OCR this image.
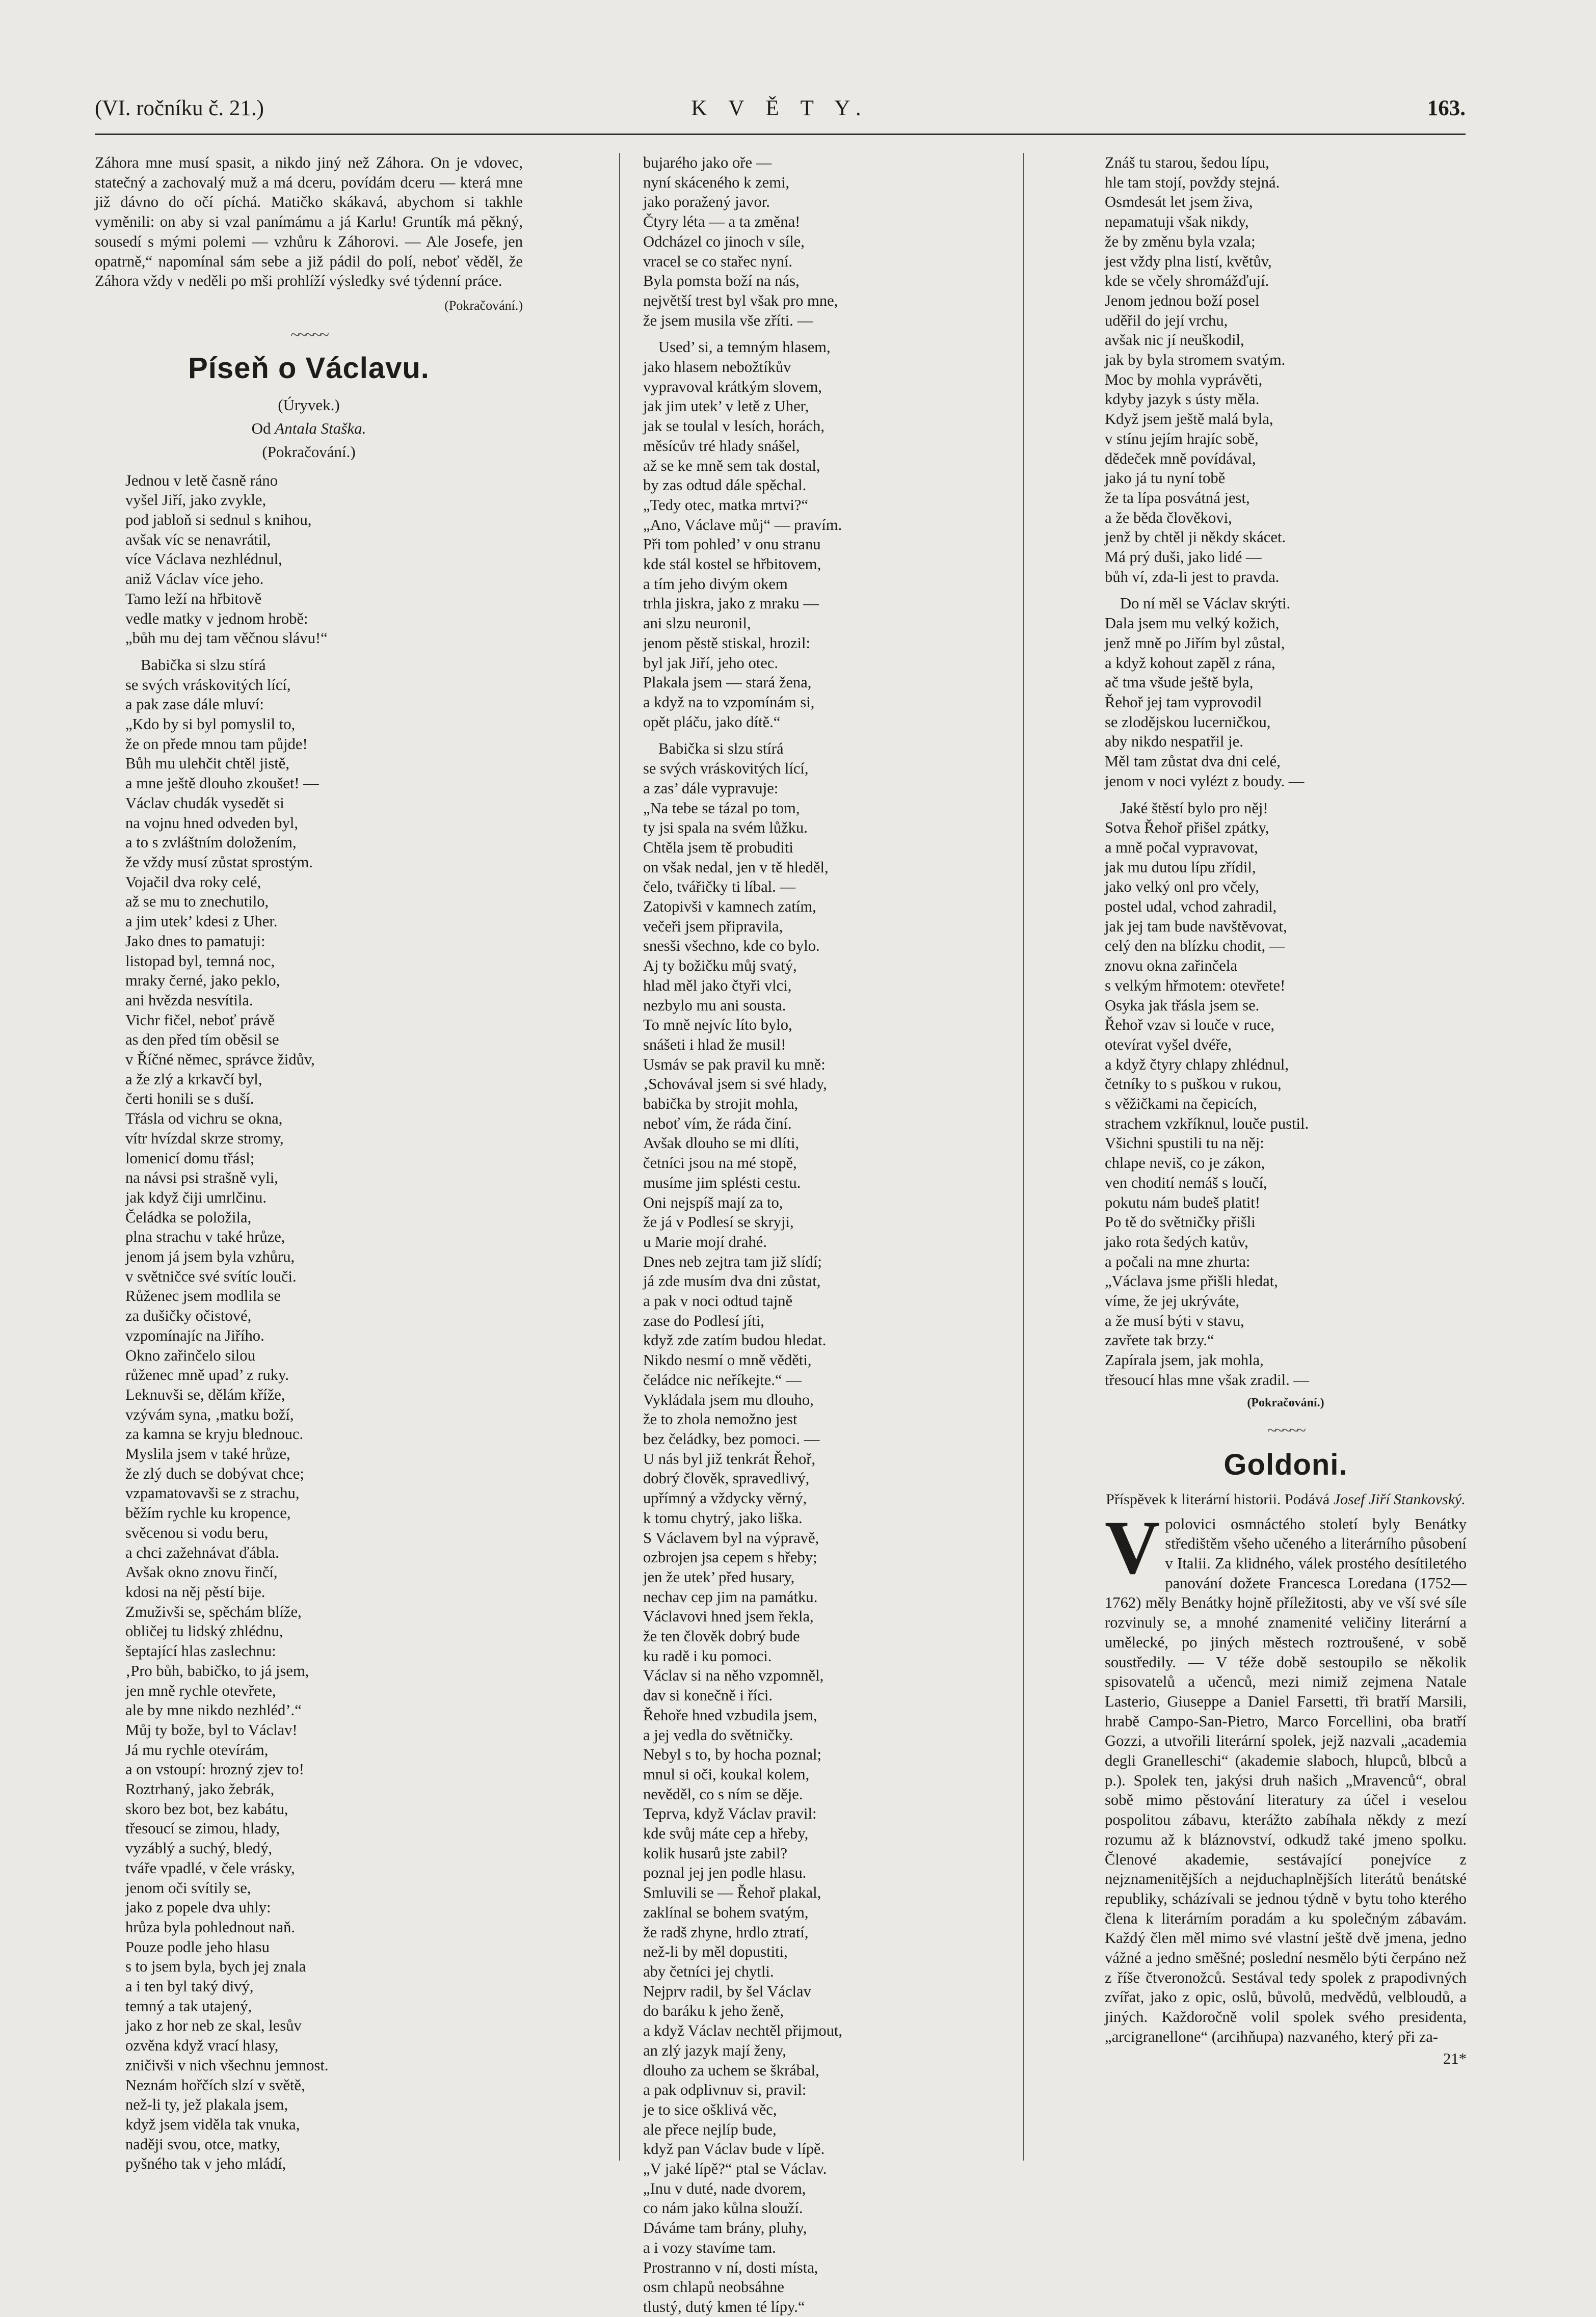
(VI. ročníku č. 21.)	K V Ě T Y.	163.

Záhora mne musí spasit, a nikdo jiný než Záhora. On je vdovec, statečný a zachovalý muž a má dceru, povídám dceru — která mne již dávno do očí píchá. Matičko skákavá, abychom si takhle vyměnili: on aby si vzal panímámu a já Karlu! Gruntík má pěkný, sousedí s mými polemi — vzhůru k Záhorovi. — Ale Josefe, jen opatrně,“ napomínal sám sebe a již pádil do polí, neboť věděl, že Záhora vždy v neděli po mši prohlíží výsledky své týdenní práce.

(Pokračování.)
~~~~~
Píseň o Václavu.
(Úryvek.)
Od Antala Staška.
(Pokračování.)
Jednou v letě časně ráno
vyšel Jiří, jako zvykle,
pod jabloň si sednul s knihou,
avšak víc se nenavrátil,
více Václava nezhlédnul,
aniž Václav více jeho.
Tamo leží na hřbitově
vedle matky v jednom hrobě:
„bůh mu dej tam věčnou slávu!“
Babička si slzu stírá
se svých vráskovitých lící,
a pak zase dále mluví:
„Kdo by si byl pomyslil to,
že on přede mnou tam půjde!
Bůh mu ulehčit chtěl jistě,
a mne ještě dlouho zkoušet! —
Václav chudák vysedět si
na vojnu hned odveden byl,
a to s zvláštním doložením,
že vždy musí zůstat sprostým.
Vojačil dva roky celé,
až se mu to znechutilo,
a jim utek’ kdesi z Uher.
Jako dnes to pamatuji:
listopad byl, temná noc,
mraky černé, jako peklo,
ani hvězda nesvítila.
Vichr fičel, neboť právě
as den před tím oběsil se
v Říčné němec, správce židův,
a že zlý a krkavčí byl,
čerti honili se s duší.
Třásla od vichru se okna,
vítr hvízdal skrze stromy,
lomenicí domu třásl;
na návsi psi strašně vyli,
jak když čiji umrlčinu.
Čeládka se položila,
plna strachu v také hrůze,
jenom já jsem byla vzhůru,
v světničce své svítíc louči.
Růženec jsem modlila se
za dušičky očistové,
vzpomínajíc na Jiřího.
Okno zařinčelo silou
růženec mně upad’ z ruky.
Leknuvši se, dělám kříže,
vzývám syna, ‚matku boží,
za kamna se kryju blednouc.
Myslila jsem v také hrůze,
že zlý duch se dobývat chce;
vzpamatovavši se z strachu,
běžím rychle ku kropence,
svěcenou si vodu beru,
a chci zažehnávat ďábla.
Avšak okno znovu řinčí,
kdosi na něj pěstí bije.
Zmuživši se, spěchám blíže,
obličej tu lidský zhlédnu,
šeptající hlas zaslechnu:
‚Pro bůh, babičko, to já jsem,
jen mně rychle otevřete,
ale by mne nikdo nezhléd’.“
Můj ty bože, byl to Václav!
Já mu rychle otevírám,
a on vstoupí: hrozný zjev to!
Roztrhaný, jako žebrák,
skoro bez bot, bez kabátu,
třesoucí se zimou, hlady,
vyzáblý a suchý, bledý,
tváře vpadlé, v čele vrásky,
jenom oči svítily se,
jako z popele dva uhly:
hrůza byla pohlednout naň.
Pouze podle jeho hlasu
s to jsem byla, bych jej znala
a i ten byl taký divý,
temný a tak utajený,
jako z hor neb ze skal, lesův
ozvěna když vrací hlasy,
zničivši v nich všechnu jemnost.
Neznám hořčích slzí v světě,
než-li ty, jež plakala jsem,
když jsem viděla tak vnuka,
naději svou, otce, matky,
pyšného tak v jeho mládí,
bujarého jako oře —
nyní skáceného k zemi,
jako poražený javor.
Čtyry léta — a ta změna!
Odcházel co jinoch v síle,
vracel se co stařec nyní.
Byla pomsta boží na nás,
největší trest byl však pro mne,
že jsem musila vše zříti. —
Used’ si, a temným hlasem,
jako hlasem nebožtíkův
vypravoval krátkým slovem,
jak jim utek’ v letě z Uher,
jak se toulal v lesích, horách,
měsícův tré hlady snášel,
až se ke mně sem tak dostal,
by zas odtud dále spěchal.
„Tedy otec, matka mrtvi?“
„Ano, Václave můj“ — pravím.
Při tom pohled’ v onu stranu
kde stál kostel se hřbitovem,
a tím jeho divým okem
trhla jiskra, jako z mraku —
ani slzu neuronil,
jenom pěstě stiskal, hrozil:
byl jak Jiří, jeho otec.
Plakala jsem — stará žena,
a když na to vzpomínám si,
opět pláču, jako dítě.“
Babička si slzu stírá
se svých vráskovitých lící,
a zas’ dále vypravuje:
„Na tebe se tázal po tom,
ty jsi spala na svém lůžku.
Chtěla jsem tě probuditi
on však nedal, jen v tě hleděl,
čelo, tvářičky ti líbal. —
Zatopivši v kamnech zatím,
večeři jsem připravila,
snesši všechno, kde co bylo.
Aj ty božičku můj svatý,
hlad měl jako čtyři vlci,
nezbylo mu ani sousta.
To mně nejvíc líto bylo,
snášeti i hlad že musil!
Usmáv se pak pravil ku mně:
‚Schovával jsem si své hlady,
babička by strojit mohla,
neboť vím, že ráda činí.
Avšak dlouho se mi dlíti,
četníci jsou na mé stopě,
musíme jim splésti cestu.
Oni nejspíš mají za to,
že já v Podlesí se skryji,
u Marie mojí drahé.
Dnes neb zejtra tam již slídí;
já zde musím dva dni zůstat,
a pak v noci odtud tajně
zase do Podlesí jíti,
když zde zatím budou hledat.
Nikdo nesmí o mně věděti,
čeládce nic neříkejte.“ —
Vykládala jsem mu dlouho,
že to zhola nemožno jest
bez čeládky, bez pomoci. —
U nás byl již tenkrát Řehoř,
dobrý člověk, spravedlivý,
upřímný a vždycky věrný,
k tomu chytrý, jako liška.
S Václavem byl na výpravě,
ozbrojen jsa cepem s hřeby;
jen že utek’ před husary,
nechav cep jim na památku.
Václavovi hned jsem řekla,
že ten člověk dobrý bude
ku radě i ku pomoci.
Václav si na něho vzpomněl,
dav si konečně i říci.
Řehoře hned vzbudila jsem,
a jej vedla do světničky.
Nebyl s to, by hocha poznal;
mnul si oči, koukal kolem,
nevěděl, co s ním se děje.
Teprva, když Václav pravil:
kde svůj máte cep a hřeby,
kolik husarů jste zabil?
poznal jej jen podle hlasu.
Smluvili se — Řehoř plakal,
zaklínal se bohem svatým,
že radš zhyne, hrdlo ztratí,
než-li by měl dopustiti,
aby četníci jej chytli.
Nejprv radil, by šel Václav
do baráku k jeho ženě,
a když Václav nechtěl přijmout,
an zlý jazyk mají ženy,
dlouho za uchem se škrábal,
a pak odplivnuv si, pravil:
je to sice ošklivá věc,
ale přece nejlíp bude,
když pan Václav bude v lípě.
„V jaké lípě?“ ptal se Václav.
„Inu v duté, nade dvorem,
co nám jako kůlna slouží.
Dáváme tam brány, pluhy,
a i vozy stavíme tam.
Prostranno v ní, dosti místa,
osm chlapů neobsáhne
tlustý, dutý kmen té lípy.“
Znáš tu starou, šedou lípu,
hle tam stojí, povždy stejná.
Osmdesát let jsem živa,
nepamatuji však nikdy,
že by změnu byla vzala;
jest vždy plna listí, květův,
kde se včely shromážďují.
Jenom jednou boží posel
uděřil do její vrchu,
avšak nic jí neuškodil,
jak by byla stromem svatým.
Moc by mohla vyprávěti,
kdyby jazyk s ústy měla.
Když jsem ještě malá byla,
v stínu jejím hrajíc sobě,
dědeček mně povídával,
jako já tu nyní tobě
že ta lípa posvátná jest,
a že běda člověkovi,
jenž by chtěl ji někdy skácet.
Má prý duši, jako lidé —
bůh ví, zda-li jest to pravda.
Do ní měl se Václav skrýti.
Dala jsem mu velký kožich,
jenž mně po Jiřím byl zůstal,
a když kohout zapěl z rána,
ač tma všude ještě byla,
Řehoř jej tam vyprovodil
se zlodějskou lucerničkou,
aby nikdo nespatřil je.
Měl tam zůstat dva dni celé,
jenom v noci vylézt z boudy. —
Jaké štěstí bylo pro něj!
Sotva Řehoř přišel zpátky,
a mně počal vypravovat,
jak mu dutou lípu zřídil,
jako velký onl pro včely,
postel udal, vchod zahradil,
jak jej tam bude navštěvovat,
celý den na blízku chodit, —
znovu okna zařinčela
s velkým hřmotem: otevřete!
Osyka jak třásla jsem se.
Řehoř vzav si louče v ruce,
otevírat vyšel dvéře,
a když čtyry chlapy zhlédnul,
četníky to s puškou v rukou,
s věžičkami na čepicích,
strachem vzkříknul, louče pustil.
Všichni spustili tu na něj:
chlape neviš, co je zákon,
ven chodití nemáš s loučí,
pokutu nám budeš platit!
Po tě do světničky přišli
jako rota šedých katův,
a počali na mne zhurta:
„Václava jsme přišli hledat,
víme, že jej ukrýváte,
a že musí býti v stavu,
zavřete tak brzy.“
Zapírala jsem, jak mohla,
třesoucí hlas mne však zradil. —
(Pokračování.)
~~~~~
Goldoni.
Příspěvek k literární historii. Podává Josef Jiří Stankovský.

Vpolovici osmnáctého století byly Benátky středištěm všeho učeného a literárního působení v Italii. Za klidného, válek prostého desítiletého panování dožete Francesca Loredana (1752—1762) měly Benátky hojně příležitosti, aby ve vší své síle rozvinuly se, a mnohé znamenité veličiny literární a umělecké, po jiných městech roztroušené, v sobě soustředily. — V téže době sestoupilo se několik spisovatelů a učenců, mezi nimiž zejmena Natale Lasterio, Giuseppe a Daniel Farsetti, tři bratří Marsili, hrabě Campo-San-Pietro, Marco Forcellini, oba bratří Gozzi, a utvořili literární spolek, jejž nazvali „academia degli Granelleschi“ (akademie slaboch, hlupců, blbců a p.). Spolek ten, jakýsi druh našich „Mravenců“, obral sobě mimo pěstování literatury za účel i veselou pospolitou zábavu, kterážto zabíhala někdy z mezí rozumu až k bláznovství, odkudž také jmeno spolku. Členové akademie, sestávající ponejvíce z nejznamenitějších a nejduchaplnějších literátů benátské republiky, scházívali se jednou týdně v bytu toho kterého člena k literárním poradám a ku společným zábavám. Každý člen měl mimo své vlastní ještě dvě jmena, jedno vážné a jedno směšné; poslední nesmělo býti čerpáno než z říše čtveronožců. Sestával tedy spolek z prapodivných zvířat, jako z opic, oslů, bůvolů, medvědů, velbloudů, a jiných. Každoročně volil spolek svého presidenta, „arcigranellone“ (arcihňupa) nazvaného, který při za-

21*
